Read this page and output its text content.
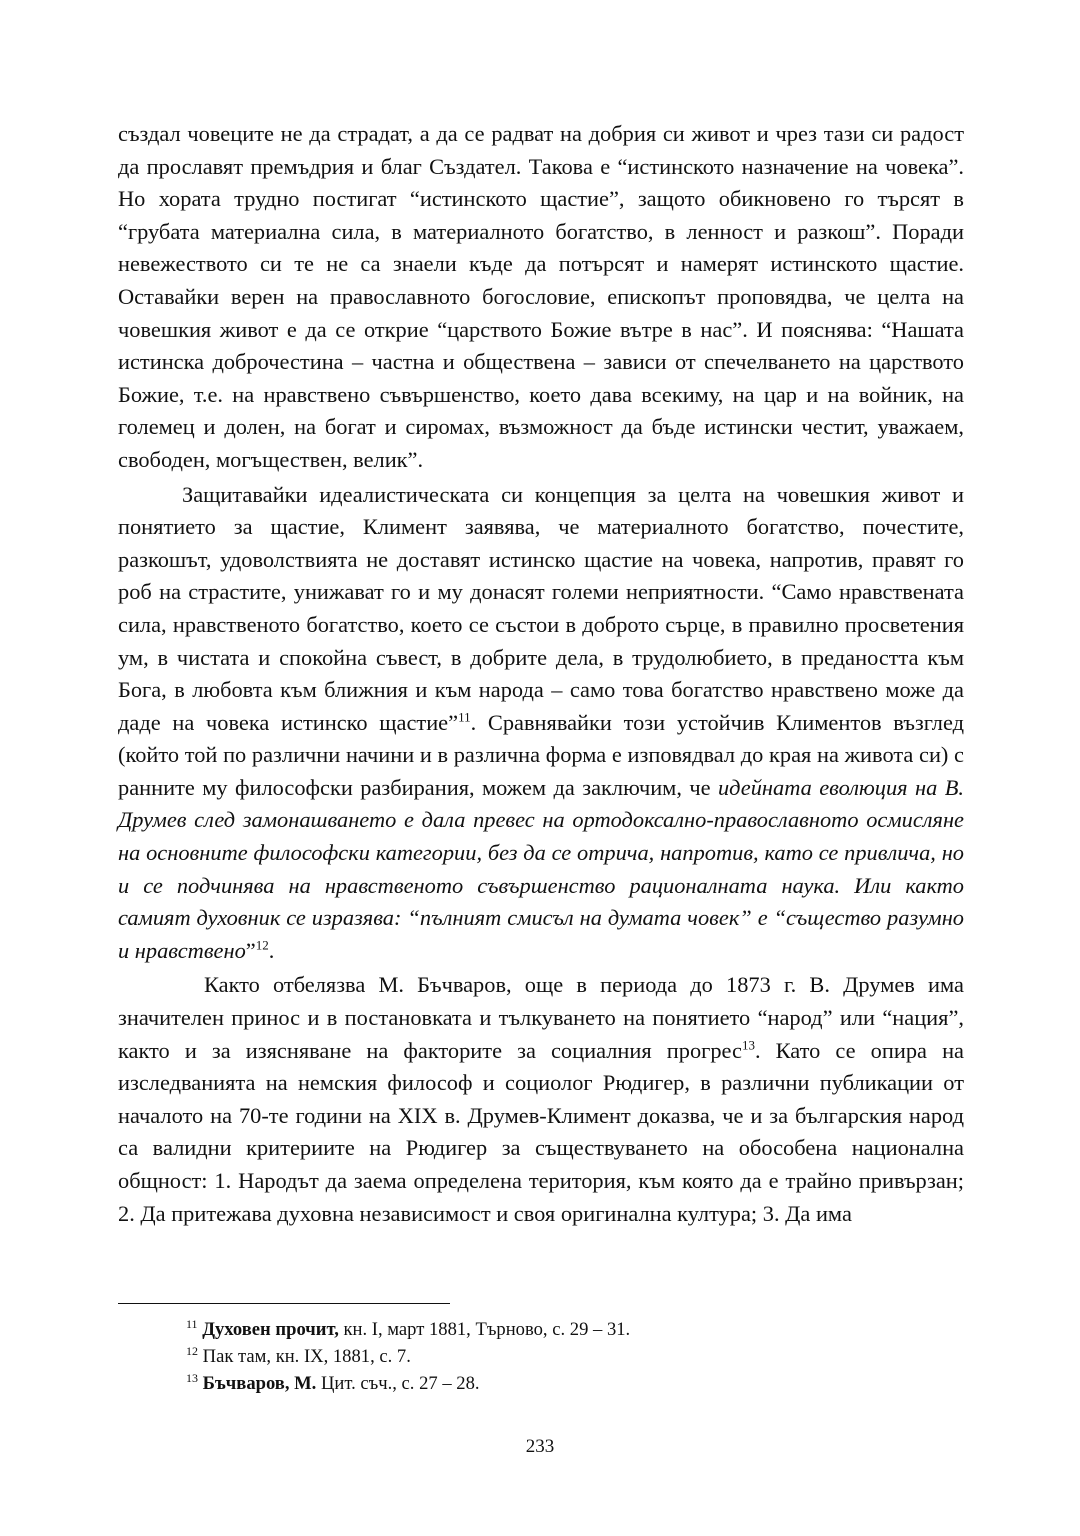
създал човеците не да страдат, а да се радват на добрия си живот и чрез тази си радост да прославят премъдрия и благ Създател. Такова е “истинското назначение на човека”. Но хората трудно постигат “истинското щастие”, защото обикновено го търсят в “грубата материална сила, в материалното богатство, в ленност и разкош”. Поради невежеството си те не са знаели къде да потърсят и намерят истинското щастие. Оставайки верен на православното богословие, епископът проповядва, че целта на човешкия живот е да се открие “царството Божие вътре в нас”. И пояснява: “Нашата истинска доброчестина – частна и обществена – зависи от спечелването на царството Божие, т.е. на нравствено съвършенство, което дава всекиму, на цар и на войник, на големец и долен, на богат и сиромах, възможност да бъде истински честит, уважаем, свободен, могъществен, велик”.

Защитавайки идеалистическата си концепция за целта на човешкия живот и понятието за щастие, Климент заявява, че материалното богатство, почестите, разкошът, удоволствията не доставят истинско щастие на човека, напротив, правят го роб на страстите, унижават го и му донасят големи неприятности. “Само нравствената сила, нравственото богатство, което се състои в доброто сърце, в правилно просветения ум, в чистата и спокойна съвест, в добрите дела, в трудолюбието, в предаността към Бога, в любовта към ближния и към народа – само това богатство нравствено може да даде на човека истинско щастие”$^{11}$. Сравнявайки този устойчив Климентов възглед (който той по различни начини и в различна форма е изповядвал до края на живота си) с ранните му философски разбирания, можем да заключим, че идейната еволюция на В. Друмев след замонашването е дала превес на ортодоксално-православното осмисляне на основните философски категории, без да се отрича, напротив, като се привлича, но и се подчинява на нравственото съвършенство рационалната наука. Или както самият духовник се изразява: “пълният смисъл на думата човек” е “същество разумно и нравствено”$^{12}$.

Както отбелязва М. Бъчваров, още в периода до 1873 г. В. Друмев има значителен принос и в постановката и тълкуването на понятието “народ” или “нация”, както и за изясняване на факторите за социалния прогрес$^{13}$. Като се опира на изследванията на немския философ и социолог Рюдигер, в различни публикации от началото на 70-те години на XIX в. Друмев-Климент доказва, че и за българския народ са валидни критериите на Рюдигер за съществуването на обособена национална общност: 1. Народът да заема определена територия, към която да е трайно привързан; 2. Да притежава духовна независимост и своя оригинална култура; 3. Да има

$^{11}$ Духовен прочит, кн. I, март 1881, Търново, с. 29 – 31.

$^{12}$ Пак там, кн. IX, 1881, с. 7.

$^{13}$ Бъчваров, М. Цит. съч., с. 27 – 28.

233
